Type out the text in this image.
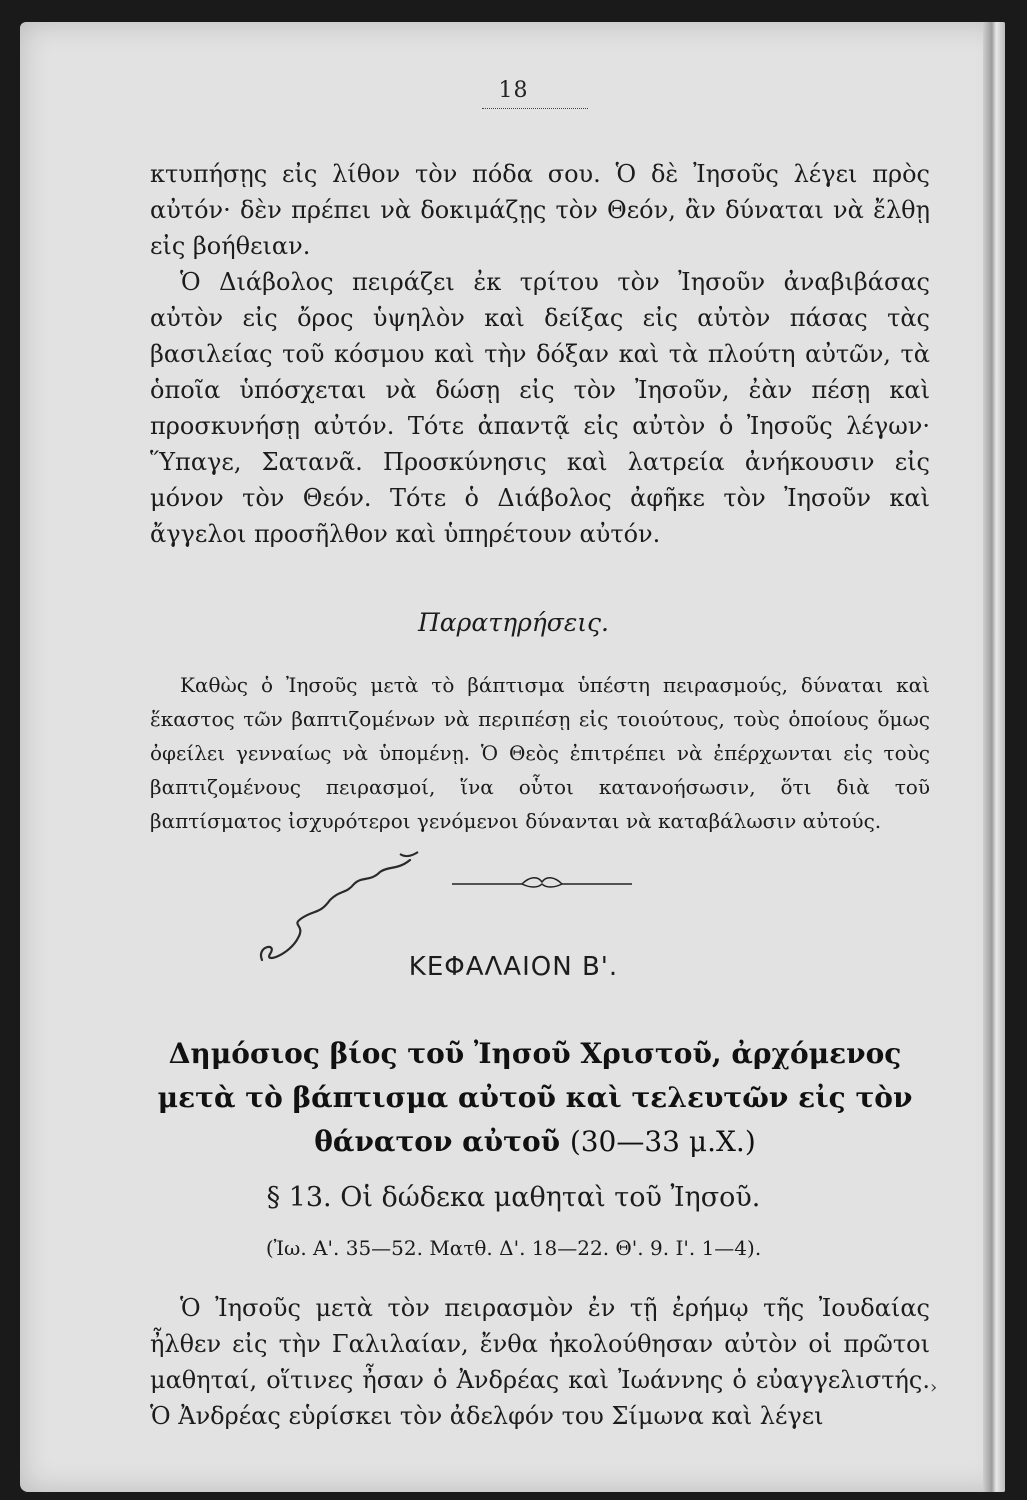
18

κτυπήσῃς εἰς λίθον τὸν πόδα σου. Ὁ δὲ Ἰησοῦς λέγει πρὸς αὐτόν· δὲν πρέπει νὰ δοκιμάζῃς τὸν Θεόν, ἂν δύναται νὰ ἔλθῃ εἰς βοήθειαν.

Ὁ Διάβολος πειράζει ἐκ τρίτου τὸν Ἰησοῦν ἀναβιβάσας αὐτὸν εἰς ὄρος ὑψηλὸν καὶ δείξας εἰς αὐτὸν πάσας τὰς βασιλείας τοῦ κόσμου καὶ τὴν δόξαν καὶ τὰ πλούτη αὐτῶν, τὰ ὁποῖα ὑπόσχεται νὰ δώσῃ εἰς τὸν Ἰησοῦν, ἐὰν πέσῃ καὶ προσκυνήσῃ αὐτόν. Τότε ἀπαντᾷ εἰς αὐτὸν ὁ Ἰησοῦς λέγων· Ὕπαγε, Σατανᾶ. Προσκύνησις καὶ λατρεία ἀνήκουσιν εἰς μόνον τὸν Θεόν. Τότε ὁ Διάβολος ἀφῆκε τὸν Ἰησοῦν καὶ ἄγγελοι προσῆλθον καὶ ὑπηρέτουν αὐτόν.

Παρατηρήσεις.

Καθὼς ὁ Ἰησοῦς μετὰ τὸ βάπτισμα ὑπέστη πειρασμούς, δύναται καὶ ἕκαστος τῶν βαπτιζομένων νὰ περιπέσῃ εἰς τοιούτους, τοὺς ὁποίους ὅμως ὀφείλει γενναίως νὰ ὑπομένῃ. Ὁ Θεὸς ἐπιτρέπει νὰ ἐπέρχωνται εἰς τοὺς βαπτιζομένους πειρασμοί, ἵνα οὗτοι κατανοήσωσιν, ὅτι διὰ τοῦ βαπτίσματος ἰσχυρότεροι γενόμενοι δύνανται νὰ καταβάλωσιν αὐτούς.

ΚΕΦΑΛΑΙΟΝ Β'.
Δημόσιος βίος τοῦ Ἰησοῦ Χριστοῦ, ἀρχόμενος μετὰ τὸ βάπτισμα αὐτοῦ καὶ τελευτῶν εἰς τὸν θάνατον αὐτοῦ (30—33 μ.Χ.)
§ 13. Οἱ δώδεκα μαθηταὶ τοῦ Ἰησοῦ.
(Ἰω. Α'. 35—52. Ματθ. Δ'. 18—22. Θ'. 9. Ι'. 1—4).

Ὁ Ἰησοῦς μετὰ τὸν πειρασμὸν ἐν τῇ ἐρήμῳ τῆς Ἰουδαίας ἦλθεν εἰς τὴν Γαλιλαίαν, ἔνθα ἠκολούθησαν αὐτὸν οἱ πρῶτοι μαθηταί, οἵτινες ἦσαν ὁ Ἀνδρέας καὶ Ἰωάννης ὁ εὐαγγελιστής. Ὁ Ἀνδρέας εὑρίσκει τὸν ἀδελφόν του Σίμωνα καὶ λέγει

›
